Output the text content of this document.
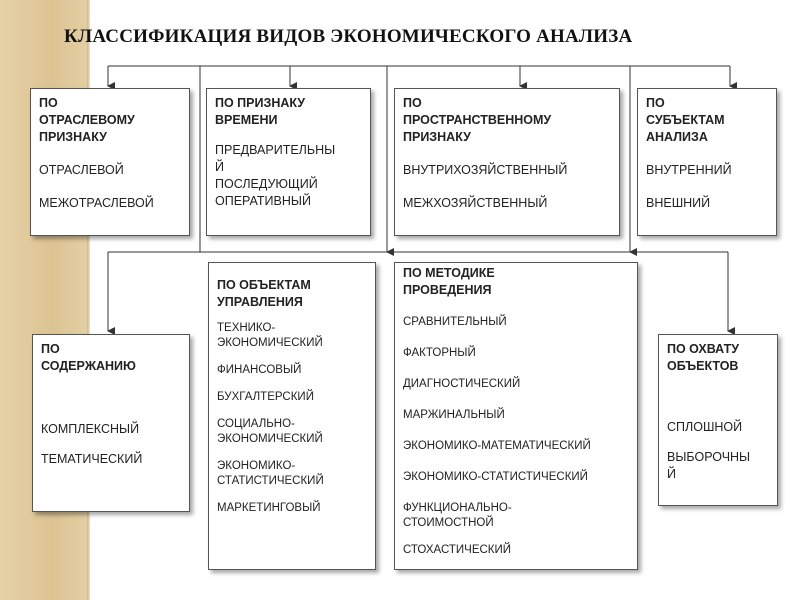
КЛАССИФИКАЦИЯ ВИДОВ ЭКОНОМИЧЕСКОГО АНАЛИЗА
ПО
ОТРАСЛЕВОМУ
ПРИЗНАКУ
ОТРАСЛЕВОЙ
МЕЖОТРАСЛЕВОЙ
ПО ПРИЗНАКУ
ВРЕМЕНИ
ПРЕДВАРИТЕЛЬНЫ
Й
ПОСЛЕДУЮЩИЙ
ОПЕРАТИВНЫЙ
ПО
ПРОСТРАНСТВЕННОМУ
ПРИЗНАКУ
ВНУТРИХОЗЯЙСТВЕННЫЙ
МЕЖХОЗЯЙСТВЕННЫЙ
ПО
СУБЪЕКТАМ
АНАЛИЗА
ВНУТРЕННИЙ
ВНЕШНИЙ
ПО
СОДЕРЖАНИЮ
КОМПЛЕКСНЫЙ
ТЕМАТИЧЕСКИЙ
ПО ОБЪЕКТАМ
УПРАВЛЕНИЯ
ТЕХНИКО-
ЭКОНОМИЧЕСКИЙ
ФИНАНСОВЫЙ
БУХГАЛТЕРСКИЙ
СОЦИАЛЬНО-
ЭКОНОМИЧЕСКИЙ
ЭКОНОМИКО-
СТАТИСТИЧЕСКИЙ
МАРКЕТИНГОВЫЙ
ПО МЕТОДИКЕ
ПРОВЕДЕНИЯ
СРАВНИТЕЛЬНЫЙ
ФАКТОРНЫЙ
ДИАГНОСТИЧЕСКИЙ
МАРЖИНАЛЬНЫЙ
ЭКОНОМИКО-МАТЕМАТИЧЕСКИЙ
ЭКОНОМИКО-СТАТИСТИЧЕСКИЙ
ФУНКЦИОНАЛЬНО-
СТОИМОСТНОЙ
СТОХАСТИЧЕСКИЙ
ПО ОХВАТУ
ОБЪЕКТОВ
СПЛОШНОЙ
ВЫБОРОЧНЫ
Й
